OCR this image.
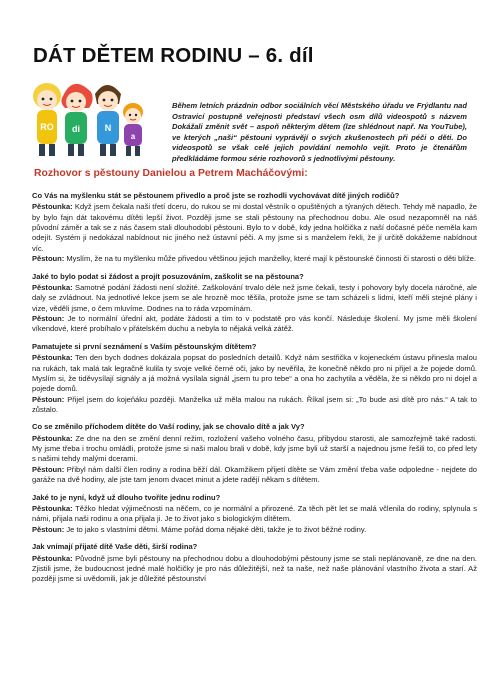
DÁT DĚTEM RODINU – 6. díl
RO di	N
a

Během letních prázdnin odbor sociálních věcí Městského úřadu ve Frýdlantu nad Ostravicí postupně veřejnosti představí všech osm dílů videospotů s názvem Dokážali změnit svět – aspoň některým dětem (lze shlédnout např. Na YouTube), ve kterých „naši“ pěstouni vyprávějí o svých zkušenostech při péči o děti. Do videospotů se však celé jejich povídání nemohlo vejít. Proto je čtenářům předkládáme formou série rozhovorů s jednotlivými pěstouny.

Rozhovor s pěstouny Danielou a Petrem Macháčovými:

Co Vás na myšlenku stát se pěstounem přivedlo a proč jste se rozhodli vychovávat dítě jiných rodičů?

Pěstounka: Když jsem čekala naši třetí dceru, do rukou se mi dostal věstník o opuštěných a týraných dětech. Tehdy mě napadlo, že by bylo fajn dát takovému dítěti lepší život. Později jsme se stali pěstouny na přechodnou dobu. Ale osud nezapomněl na náš původní záměr a tak se z nás časem stali dlouhodobí pěstouni. Bylo to v době, kdy jedna holčička z naší dočasné péče neměla kam odejít. Systém ji nedokázal nabídnout nic jiného než ústavní péči. A my jsme si s manželem řekli, že jí určitě dokážeme nabídnout víc.

Pěstoun: Myslím, že na tu myšlenku může přivedou většinou jejich manželky, které mají k pěstounské činnosti či starosti o děti blíže.

Jaké to bylo podat si žádost a projít posuzováním, zaškolit se na pěstouna?

Pěstounka: Samotné podání žádosti není složité. Zaškolování trvalo déle než jsme čekali, testy i pohovory byly docela náročné, ale daly se zvládnout. Na jednotlivé lekce jsem se ale hrozně moc těšila, protože jsme se tam scházeli s lidmi, kteří měli stejné plány i vize, věděli jsme, o čem mluvíme. Dodnes na to ráda vzpomínám.

Pěstoun: Je to normální úřední akt, podáte žádosti a tím to v podstatě pro vás končí. Následuje školení. My jsme měli školení víkendové, které probíhalo v přátelském duchu a nebyla to nějaká velká zátěž.

Pamatujete si první seznámení s Vaším pěstounským dítětem?

Pěstounka: Ten den bych dodnes dokázala popsat do posledních detailů. Když nám sestřička v kojeneckém ústavu přinesla malou na rukách, tak malá tak legračně kulila ty svoje velké černé oči, jako by nevěřila, že konečně někdo pro ni přijel a že pojede domů. Myslím si, že tiděvysílají signály a já možná vysílala signál „jsem tu pro tebe“ a ona ho zachytila a věděla, že si někdo pro ni dojel a pojede domů.

Pěstoun: Přijel jsem do kojeňáku později. Manželka už měla malou na rukách. Říkal jsem si: „To bude asi dítě pro nás.“ A tak to zůstalo.

Co se změnilo příchodem dítěte do Vaší rodiny, jak se chovalo dítě a jak Vy?

Pěstounka: Ze dne na den se změní denní režim, rozložení vašeho volného času, přibydou starosti, ale samozřejmě také radosti. My jsme třeba i trochu omládli, protože jsme si naši malou brali v době, kdy jsme byli už starší a najednou jsme řešili to, co před lety s našimi tehdy malými dcerami.

Pěstoun: Přibyl nám další člen rodiny a rodina běží dál. Okamžikem přijetí dítěte se Vám změní třeba vaše odpoledne - nejdete do garáže na dvě hodiny, ale jste tam jenom dvacet minut a jdete radějí někam s dítětem.

Jaké to je nyní, když už dlouho tvoříte jednu rodinu?

Pěstounka: Těžko hledat výjimečnosti na něčem, co je normální a přirozené. Za těch pět let se malá včlenila do rodiny, splynula s námi, přijala naši rodinu a ona přijala ji. Je to život jako s biologickým dítětem.

Pěstoun: Je to jako s vlastními dětmi. Máme pořád doma nějaké děti, takže je to život běžné rodiny.

Jak vnímají přijaté dítě Vaše děti, širší rodina?

Pěstounka: Původně jsme byli pěstouny na přechodnou dobu a dlouhodobými pěstouny jsme se stali neplánovaně, ze dne na den. Zjistili jsme, že budoucnost jedné malé holčičky je pro nás důležitější, než ta naše, než naše plánování vlastního života a starí. Až později jsme si uvědomili, jak je důležité pěstounství
